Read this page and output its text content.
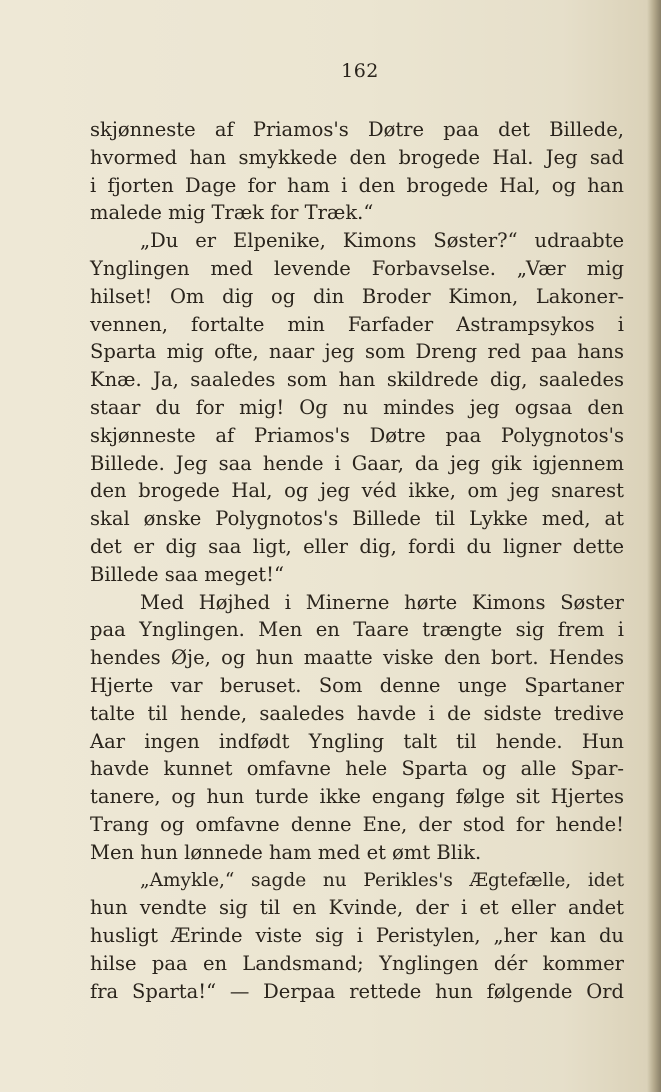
162
skjønneste af Priamos's Døtre paa det Billede,
hvormed han smykkede den brogede Hal. Jeg sad
i fjorten Dage for ham i den brogede Hal, og han
malede mig Træk for Træk.“
„Du er Elpenike, Kimons Søster?“ udraabte
Ynglingen med levende Forbavselse. „Vær mig
hilset! Om dig og din Broder Kimon, Lakoner-
vennen, fortalte min Farfader Astrampsykos i
Sparta mig ofte, naar jeg som Dreng red paa hans
Knæ. Ja, saaledes som han skildrede dig, saaledes
staar du for mig! Og nu mindes jeg ogsaa den
skjønneste af Priamos's Døtre paa Polygnotos's
Billede. Jeg saa hende i Gaar, da jeg gik igjennem
den brogede Hal, og jeg véd ikke, om jeg snarest
skal ønske Polygnotos's Billede til Lykke med, at
det er dig saa ligt, eller dig, fordi du ligner dette
Billede saa meget!“
Med Højhed i Minerne hørte Kimons Søster
paa Ynglingen. Men en Taare trængte sig frem i
hendes Øje, og hun maatte viske den bort. Hendes
Hjerte var beruset. Som denne unge Spartaner
talte til hende, saaledes havde i de sidste tredive
Aar ingen indfødt Yngling talt til hende. Hun
havde kunnet omfavne hele Sparta og alle Spar-
tanere, og hun turde ikke engang følge sit Hjertes
Trang og omfavne denne Ene, der stod for hende!
Men hun lønnede ham med et ømt Blik.
„Amykle,“ sagde nu Perikles's Ægtefælle, idet
hun vendte sig til en Kvinde, der i et eller andet
husligt Ærinde viste sig i Peristylen, „her kan du
hilse paa en Landsmand; Ynglingen dér kommer
fra Sparta!“ — Derpaa rettede hun følgende Ord
